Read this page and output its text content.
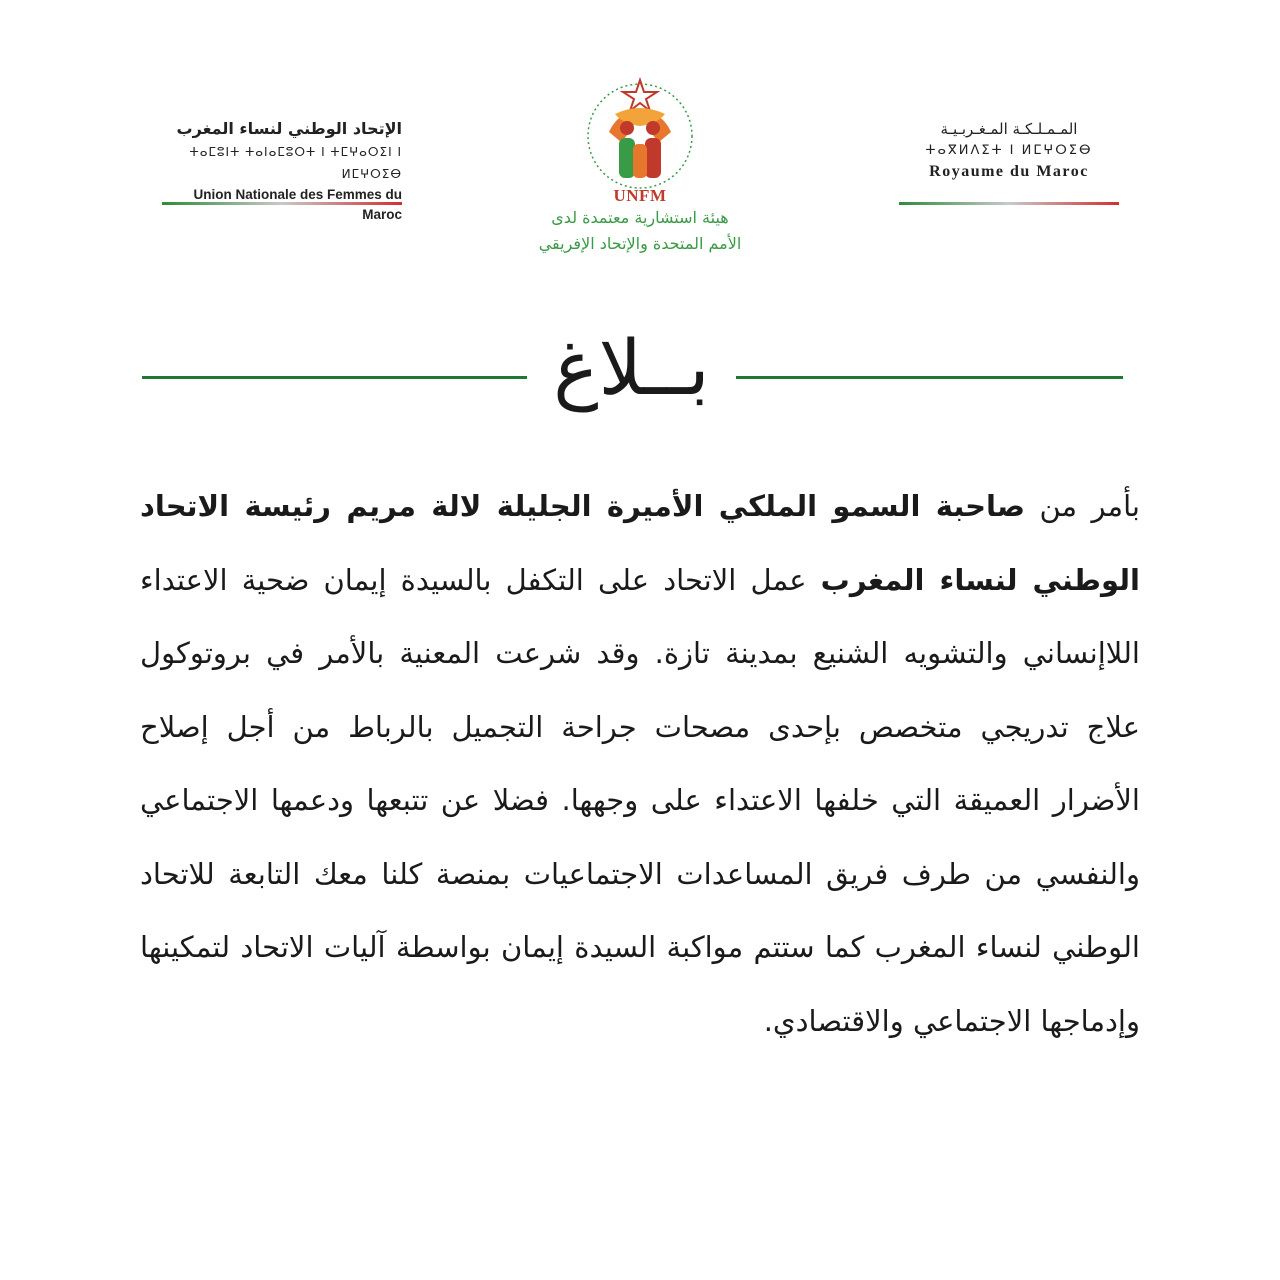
الإتحاد الوطني لنساء المغرب
ⵜⴰⵎⵓⵏⵜ ⵜⴰⵏⴰⵎⵓⵔⵜ ⵏ ⵜⵎⵖⴰⵔⵉⵏ ⵏ ⵍⵎⵖⵔⵉⴱ
Union Nationale des Femmes du Maroc
UNFM
هيئة استشارية معتمدة لدى
الأمم المتحدة والإتحاد الإفريقي
المـمـلـكـة المـغـربـيـة
ⵜⴰⴳⵍⴷⵉⵜ ⵏ ⵍⵎⵖⵔⵉⴱ
Royaume du Maroc
بــلاغ
بأمر من صاحبة السمو الملكي الأميرة الجليلة لالة مريم رئيسة الاتحاد الوطني لنساء المغرب عمل الاتحاد على التكفل بالسيدة إيمان ضحية الاعتداء اللاإنساني والتشويه الشنيع بمدينة تازة. وقد شرعت المعنية بالأمر في بروتوكول علاج تدريجي متخصص بإحدى مصحات جراحة التجميل بالرباط من أجل إصلاح الأضرار العميقة التي خلفها الاعتداء على وجهها. فضلا عن تتبعها ودعمها الاجتماعي والنفسي من طرف فريق المساعدات الاجتماعيات بمنصة كلنا معك التابعة للاتحاد الوطني لنساء المغرب كما ستتم مواكبة السيدة إيمان بواسطة آليات الاتحاد لتمكينها وإدماجها الاجتماعي والاقتصادي.
